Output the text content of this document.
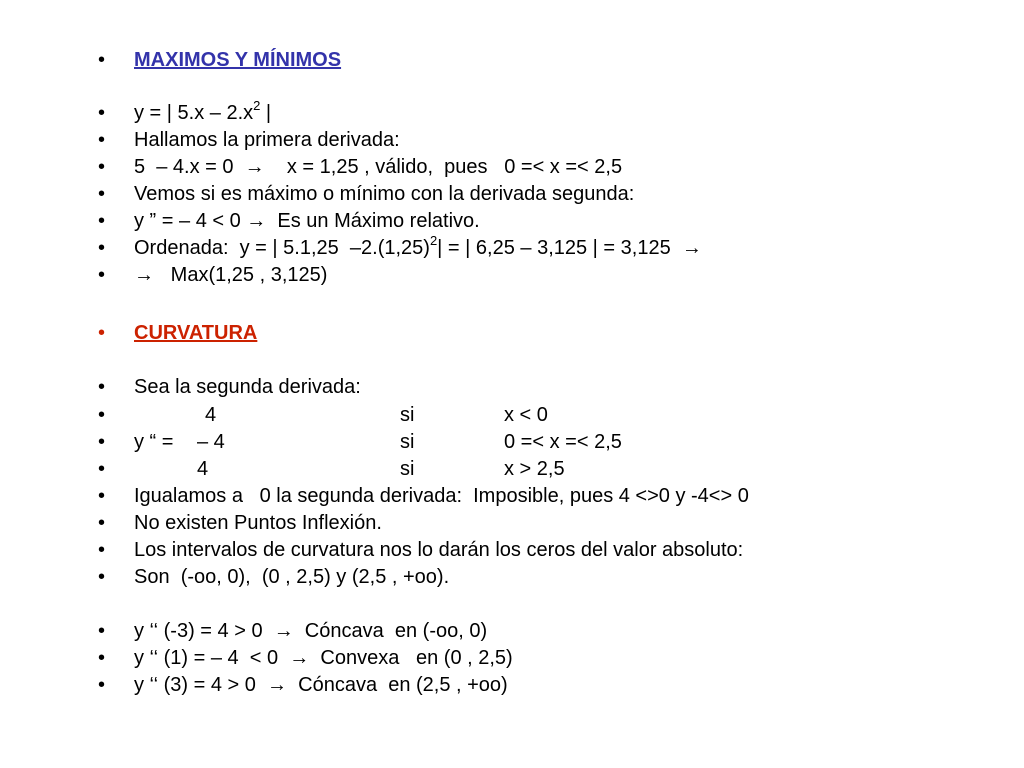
• MAXIMOS Y MÍNIMOS
• y = | $5.x - 2.x^2$ |
• Hallamos la primera derivada:
• 5  – 4.x = 0  →    x = 1,25 , válido,  pues   0 =< x =< 2,5
• Vemos si es máximo o mínimo con la derivada segunda:
• y ” = – 4 < 0 →  Es un Máximo relativo.
• Ordenada:  y = | 5.1,25  $-2.(1,25)^2|$ = | 6,25 – 3,125 | = 3,125  →
• →   Max(1,25 , 3,125)
• CURVATURA
• Sea la segunda derivada:
•	4	si	x < 0
• y “ = – 4	si	0 =< x =< 2,5
•	4	si	x > 2,5
• Igualamos a   0 la segunda derivada:  Imposible, pues 4 <>0 y -4<> 0
• No existen Puntos Inflexión.
• Los intervalos de curvatura nos lo darán los ceros del valor absoluto:
• Son  (-oo, 0),  (0 , 2,5) y (2,5 , +oo).
• y ‘‘ (-3) = 4 > 0  →  Cóncava  en (-oo, 0)
• y ‘‘ (1) = – 4  < 0  →  Convexa   en (0 , 2,5)
• y ‘‘ (3) = 4 > 0  →  Cóncava  en (2,5 , +oo)
